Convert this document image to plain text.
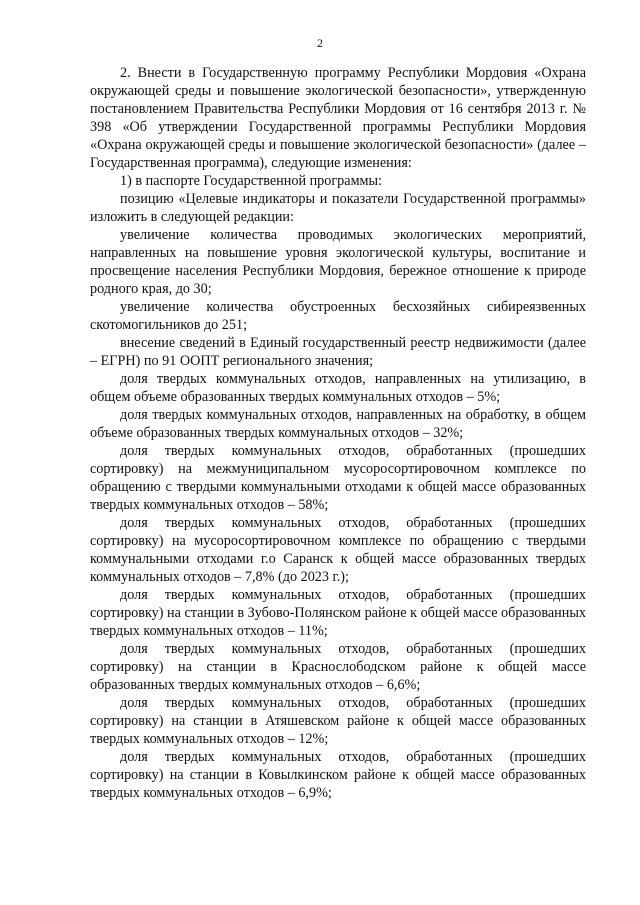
2

2. Внести в Государственную программу Республики Мордовия «Охрана окружающей среды и повышение экологической безопасности», утвержденную постановлением Правительства Республики Мордовия от 16 сентября 2013 г. № 398 «Об утверждении Государственной программы Республики Мордовия «Охрана окружающей среды и повышение экологической безопасности» (далее – Государственная программа), следующие изменения:

1) в паспорте Государственной программы:

позицию «Целевые индикаторы и показатели Государственной программы» изложить в следующей редакции:

увеличение количества проводимых экологических мероприятий, направленных на повышение уровня экологической культуры, воспитание и просвещение населения Республики Мордовия, бережное отношение к природе родного края, до 30;

увеличение количества обустроенных бесхозяйных сибиреязвенных скотомогильников до 251;

внесение сведений в Единый государственный реестр недвижимости (далее – ЕГРН) по 91 ООПТ регионального значения;

доля твердых коммунальных отходов, направленных на утилизацию, в общем объеме образованных твердых коммунальных отходов – 5%;

доля твердых коммунальных отходов, направленных на обработку, в общем объеме образованных твердых коммунальных отходов – 32%;

доля твердых коммунальных отходов, обработанных (прошедших сортировку) на межмуниципальном мусоросортировочном комплексе по обращению с твердыми коммунальными отходами к общей массе образованных твердых коммунальных отходов – 58%;

доля твердых коммунальных отходов, обработанных (прошедших сортировку) на мусоросортировочном комплексе по обращению с твердыми коммунальными отходами г.о Саранск к общей массе образованных твердых коммунальных отходов – 7,8% (до 2023 г.);

доля твердых коммунальных отходов, обработанных (прошедших сортировку) на станции в Зубово-Полянском районе к общей массе образованных твердых коммунальных отходов – 11%;

доля твердых коммунальных отходов, обработанных (прошедших сортировку) на станции в Краснослободском районе к общей массе образованных твердых коммунальных отходов – 6,6%;

доля твердых коммунальных отходов, обработанных (прошедших сортировку) на станции в Атяшевском районе к общей массе образованных твердых коммунальных отходов – 12%;

доля твердых коммунальных отходов, обработанных (прошедших сортировку) на станции в Ковылкинском районе к общей массе образованных твердых коммунальных отходов – 6,9%;
